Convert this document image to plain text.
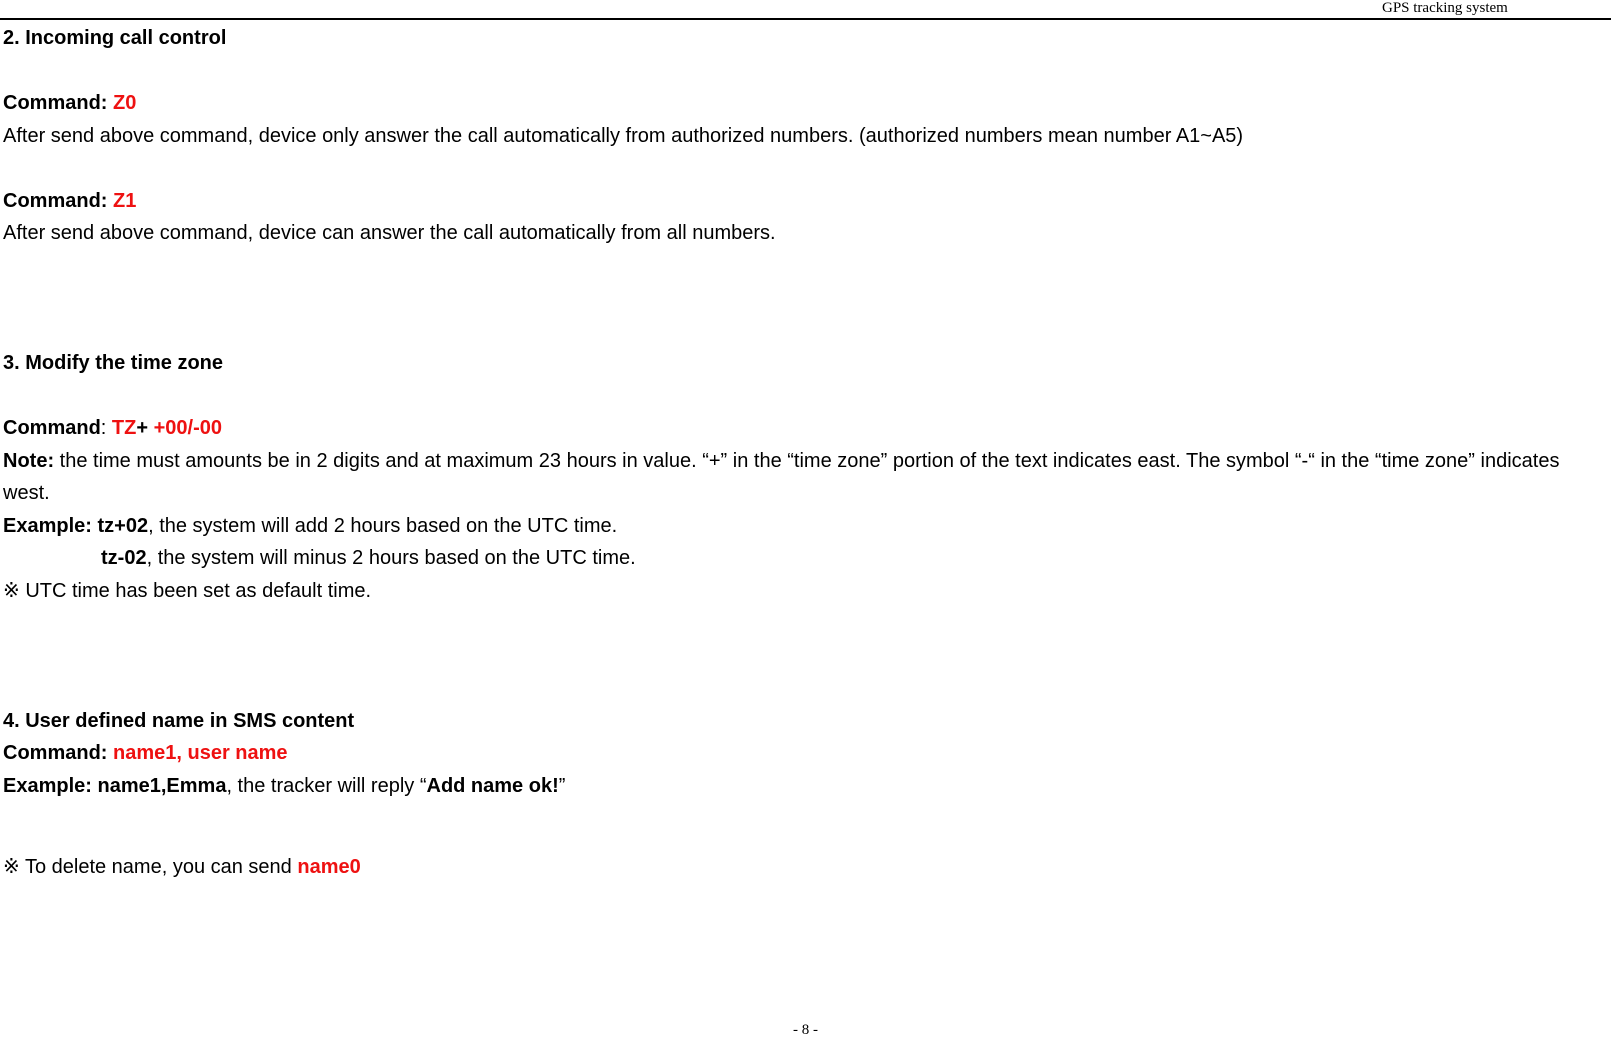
GPS tracking system
2. Incoming call control
Command: Z0
After send above command, device only answer the call automatically from authorized numbers. (authorized numbers mean number A1~A5)
Command: Z1
After send above command, device can answer the call automatically from all numbers.
3. Modify the time zone
Command: TZ+ +00/-00
Note: the time must amounts be in 2 digits and at maximum 23 hours in value. “+” in the “time zone” portion of the text indicates east. The symbol “-“ in the “time zone” indicates west.
Example: tz+02, the system will add 2 hours based on the UTC time.
tz-02, the system will minus 2 hours based on the UTC time.
※ UTC time has been set as default time.
4. User defined name in SMS content
Command: name1, user name
Example: name1,Emma, the tracker will reply “Add name ok!”
※ To delete name, you can send name0
- 8 -
